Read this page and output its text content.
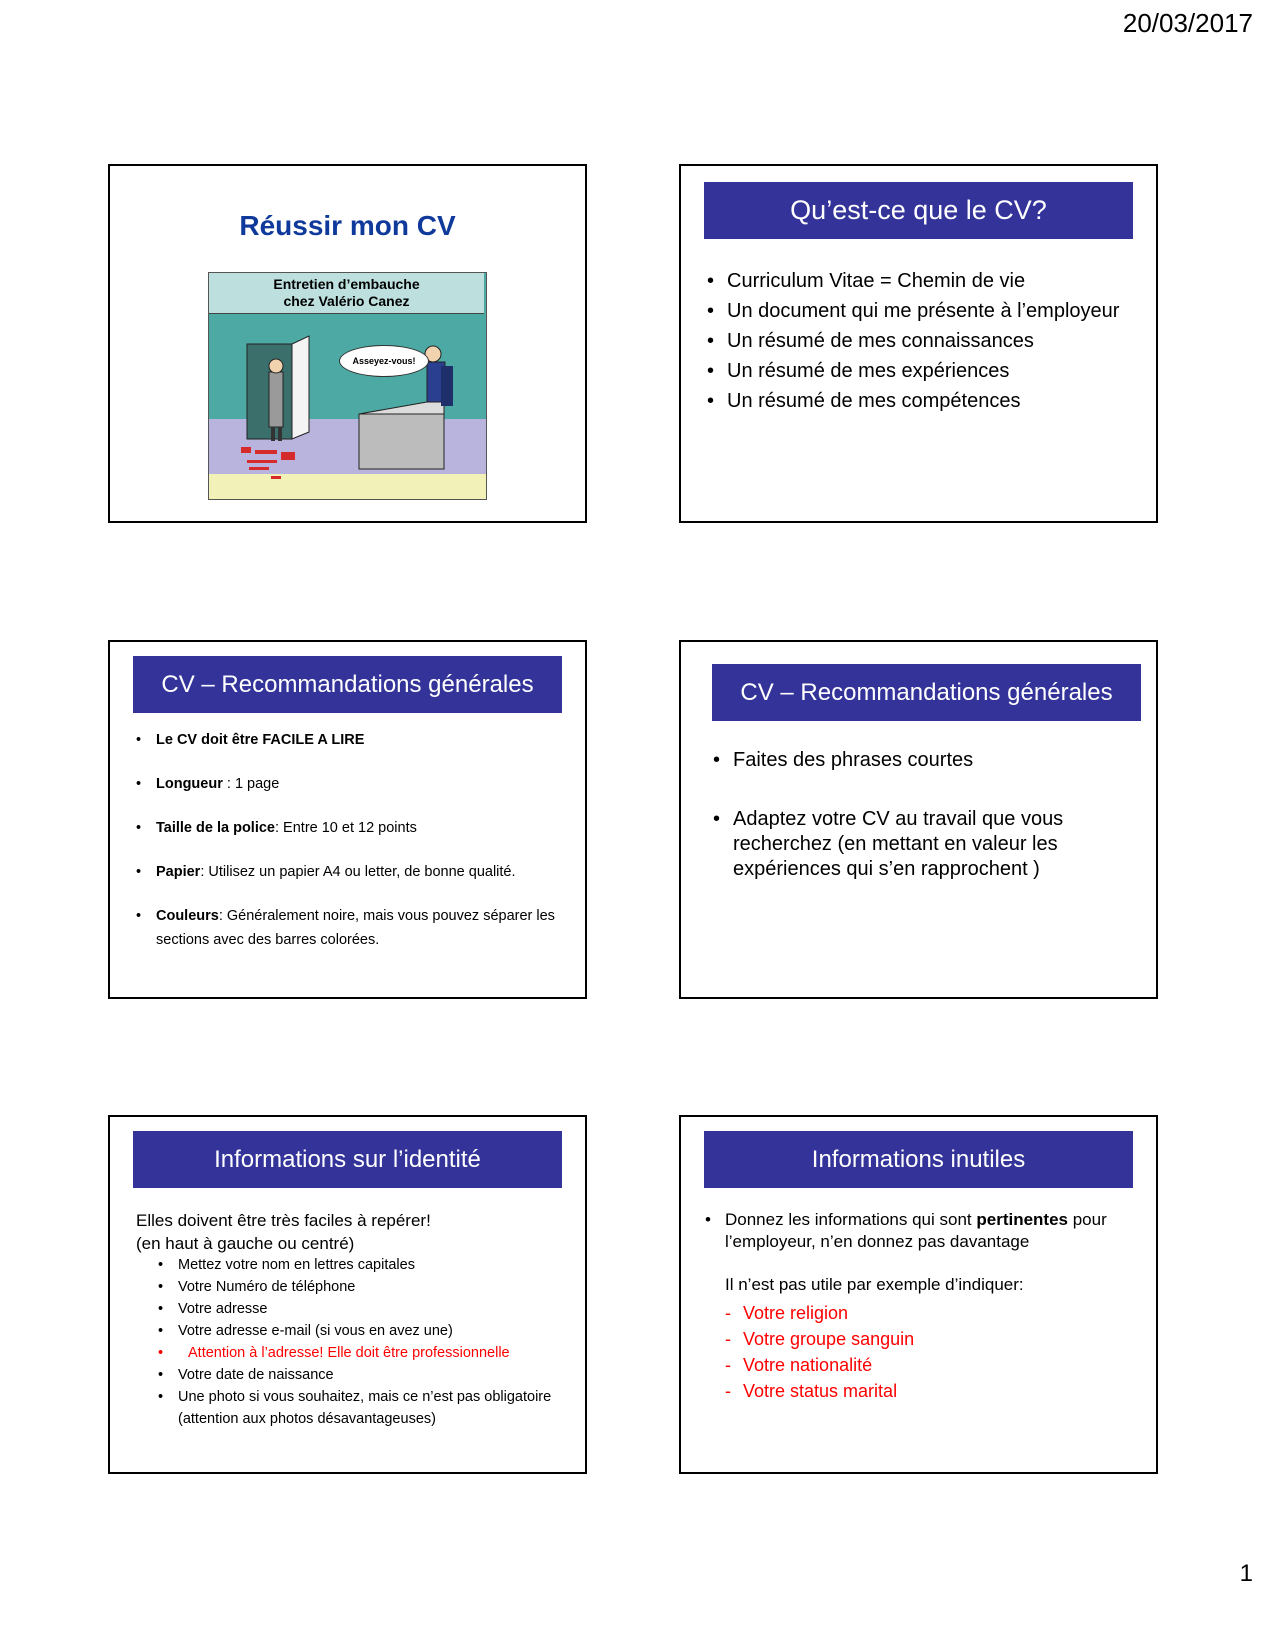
20/03/2017
Réussir mon CV
Entretien d’embauche
chez Valério Canez
Asseyez-vous!
Qu’est-ce que le CV?
• Curriculum Vitae = Chemin de vie
• Un document qui me présente à l’employeur
• Un résumé de mes connaissances
• Un résumé de mes expériences
• Un résumé de mes compétences
CV – Recommandations générales
• Le CV doit être FACILE A LIRE
• Longueur : 1 page
• Taille de la police: Entre 10 et 12 points
• Papier: Utilisez un papier A4 ou letter, de bonne qualité.
• Couleurs: Généralement noire, mais vous pouvez séparer les sections avec des barres colorées.
CV – Recommandations générales
• Faites des phrases courtes
• Adaptez votre CV au travail que vous recherchez (en mettant en valeur les expériences qui s’en rapprochent )
Informations sur l’identité
Elles doivent être très faciles à repérer!
(en haut à gauche ou centré)
• Mettez votre nom en lettres capitales
• Votre Numéro de téléphone
• Votre adresse
• Votre adresse e-mail (si vous en avez une)
• Attention à l’adresse! Elle doit être professionnelle
• Votre date de naissance
• Une photo si vous souhaitez, mais ce n’est pas obligatoire (attention aux photos désavantageuses)
Informations inutiles
• Donnez les informations qui sont pertinentes pour l’employeur, n’en donnez pas davantage
Il n’est pas utile par exemple d’indiquer:
- Votre religion
- Votre groupe sanguin
- Votre nationalité
- Votre status marital
1
